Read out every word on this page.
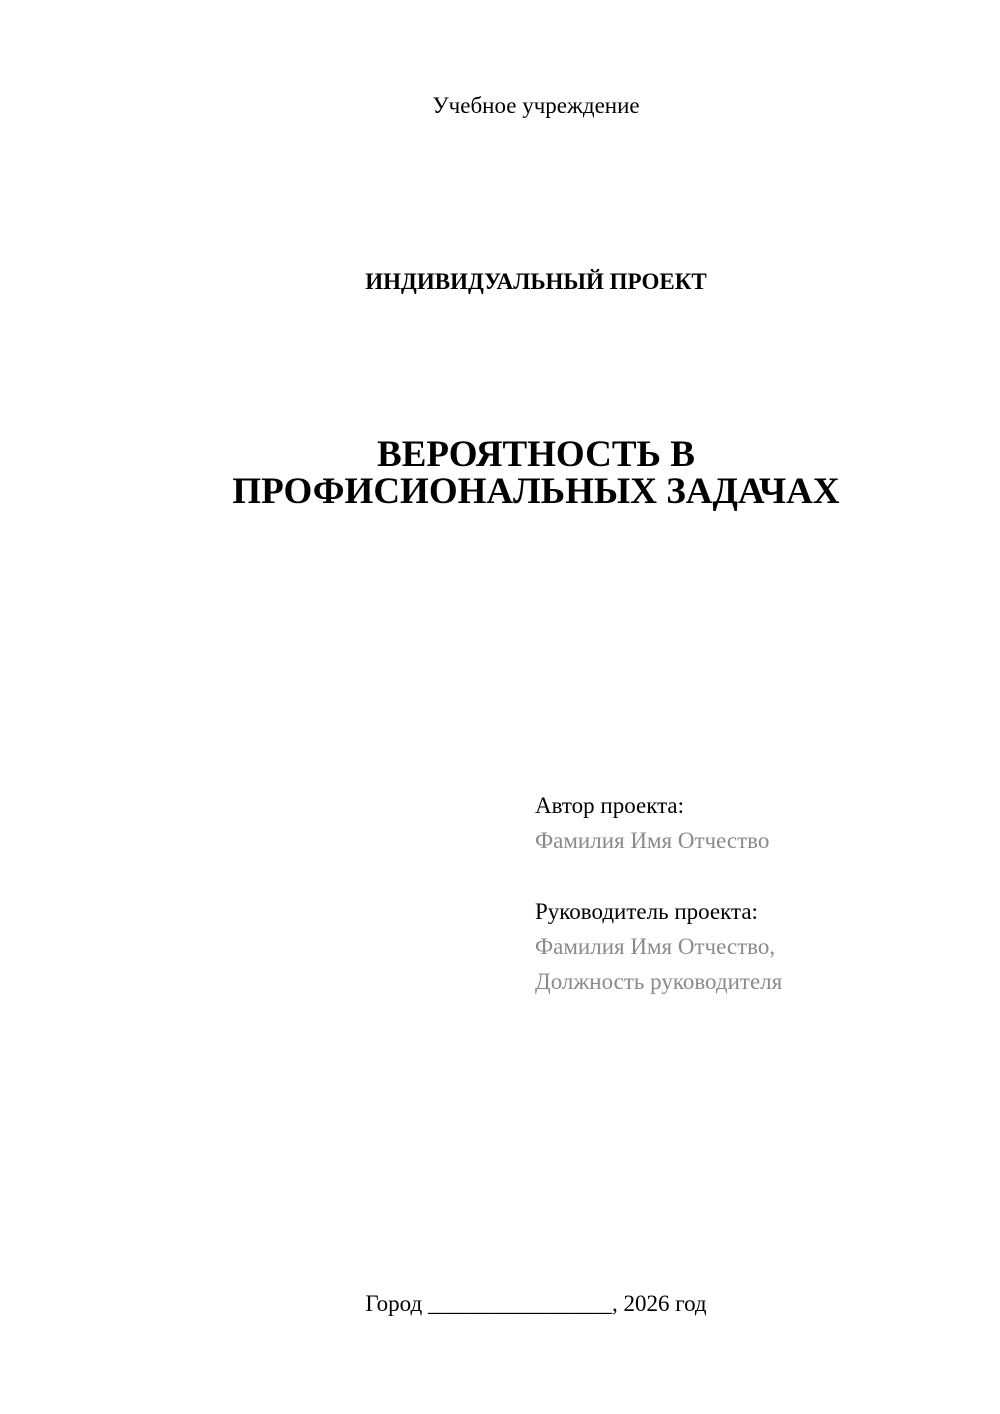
Учебное учреждение
ИНДИВИДУАЛЬНЫЙ ПРОЕКТ
ВЕРОЯТНОСТЬ В
ПРОФИСИОНАЛЬНЫХ ЗАДАЧАХ
Автор проекта:
Фамилия Имя Отчество
Руководитель проекта:
Фамилия Имя Отчество,
Должность руководителя
Город ________________, 2026 год
